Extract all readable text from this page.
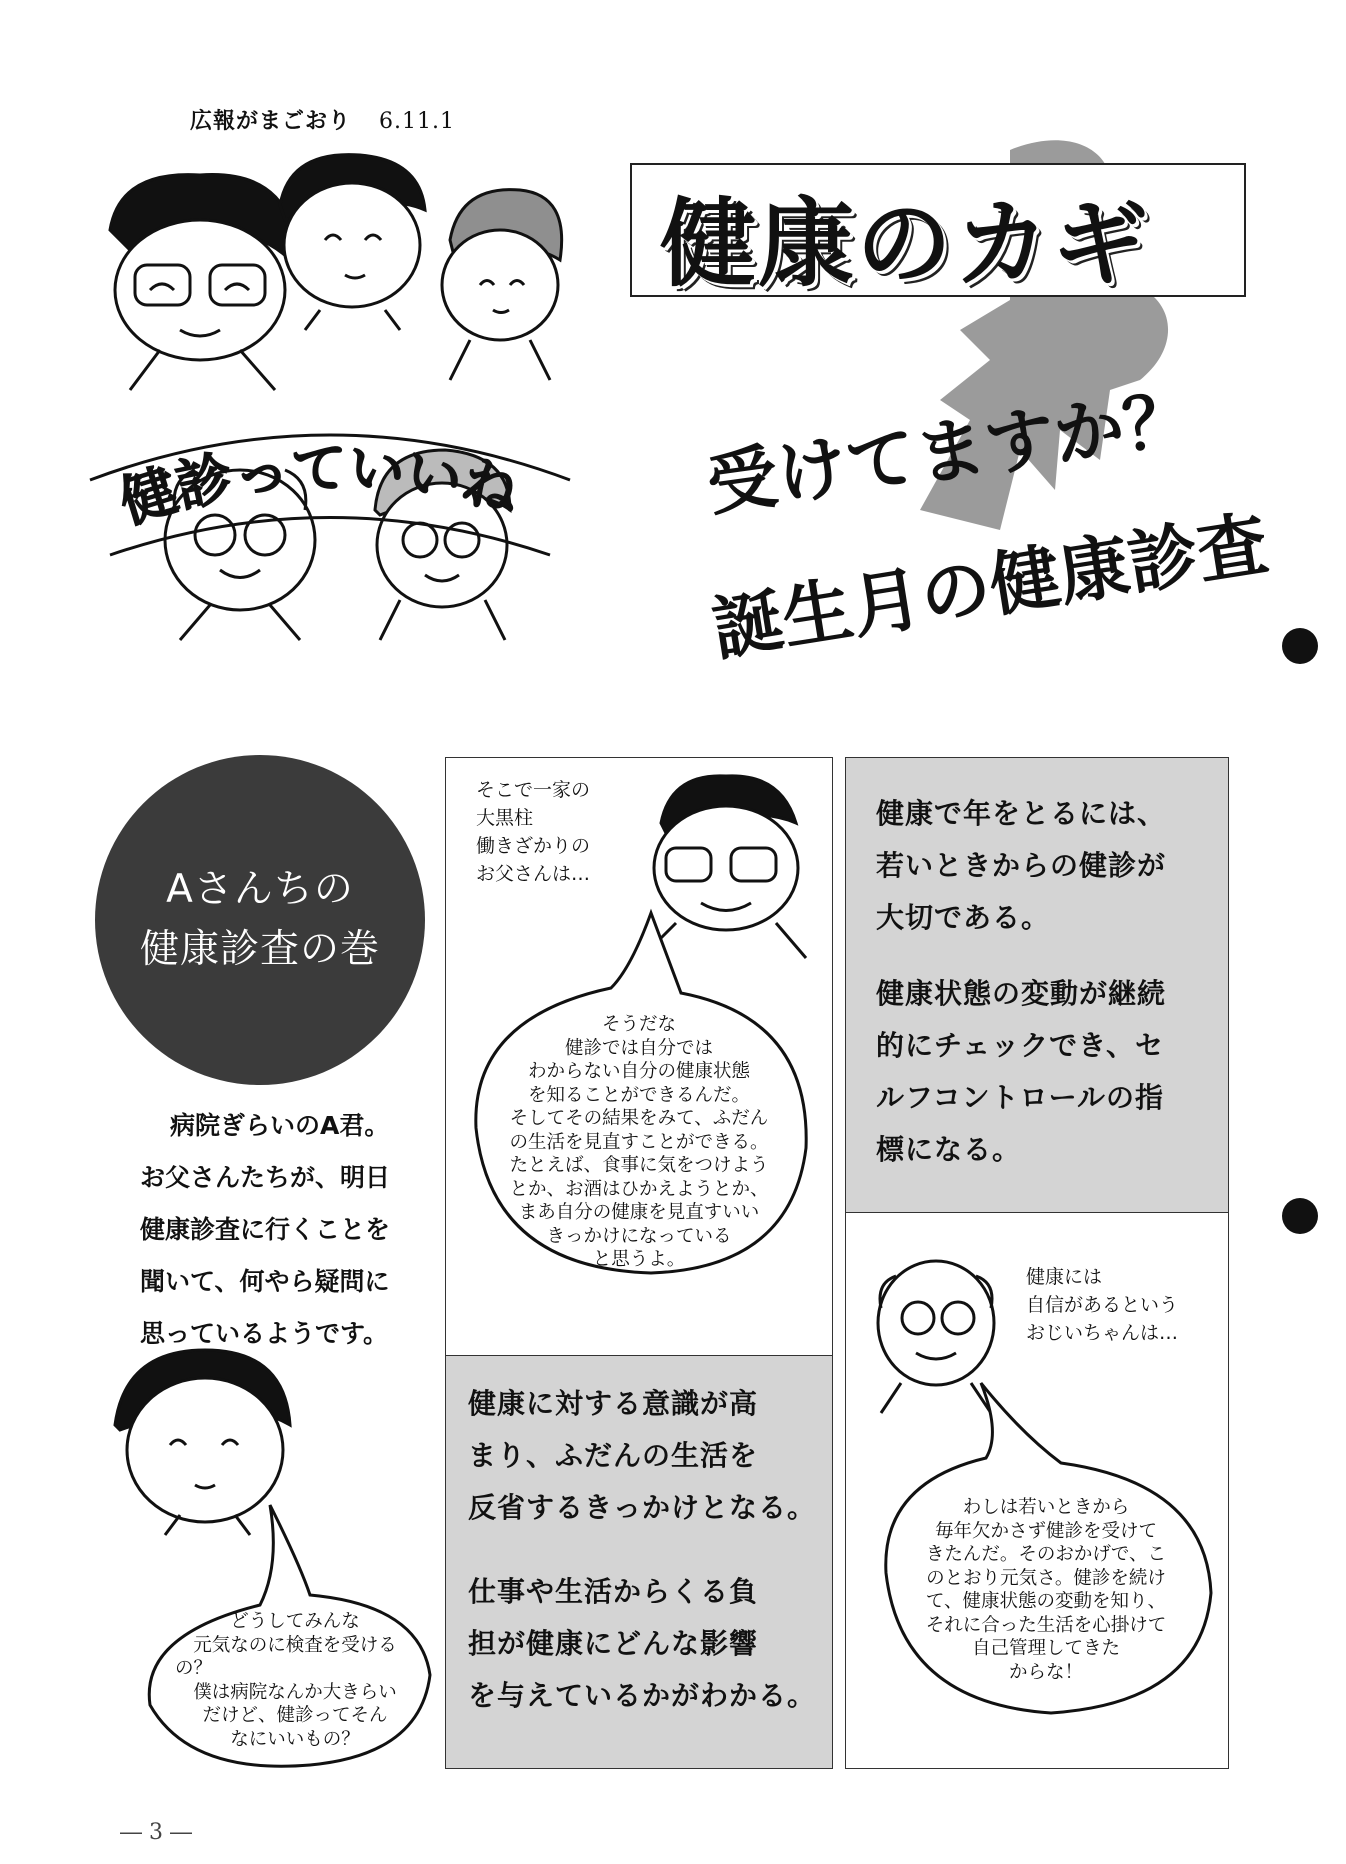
広報がまごおり 6.11.1
健康のカギ
受けてますか？
誕生月の健康診査
健診っていいね
Aさんちの
健康診査の巻
病院ぎらいのA君。
お父さんたちが、明日
健康診査に行くことを
聞いて、何やら疑問に
思っているようです。
どうしてみんな
元気なのに検査を受ける
の？
僕は病院なんか大きらい
だけど、健診ってそん
なにいいもの？
そこで一家の
大黒柱
働きざかりの
お父さんは…
そうだな
健診では自分では
わからない自分の健康状態
を知ることができるんだ。
そしてその結果をみて、ふだん
の生活を見直すことができる。
たとえば、食事に気をつけよう
とか、お酒はひかえようとか、
まあ自分の健康を見直すいい
きっかけになっている
と思うよ。
健康で年をとるには、
若いときからの健診が
大切である。
健康状態の変動が継続
的にチェックでき、セ
ルフコントロールの指
標になる。
健康に対する意識が高
まり、ふだんの生活を
反省するきっかけとなる。
仕事や生活からくる負
担が健康にどんな影響
を与えているかがわかる。
健康には
自信があるという
おじいちゃんは…
わしは若いときから
毎年欠かさず健診を受けて
きたんだ。そのおかげで、こ
のとおり元気さ。健診を続け
て、健康状態の変動を知り、
それに合った生活を心掛けて
自己管理してきた
からな！
― 3 ―
